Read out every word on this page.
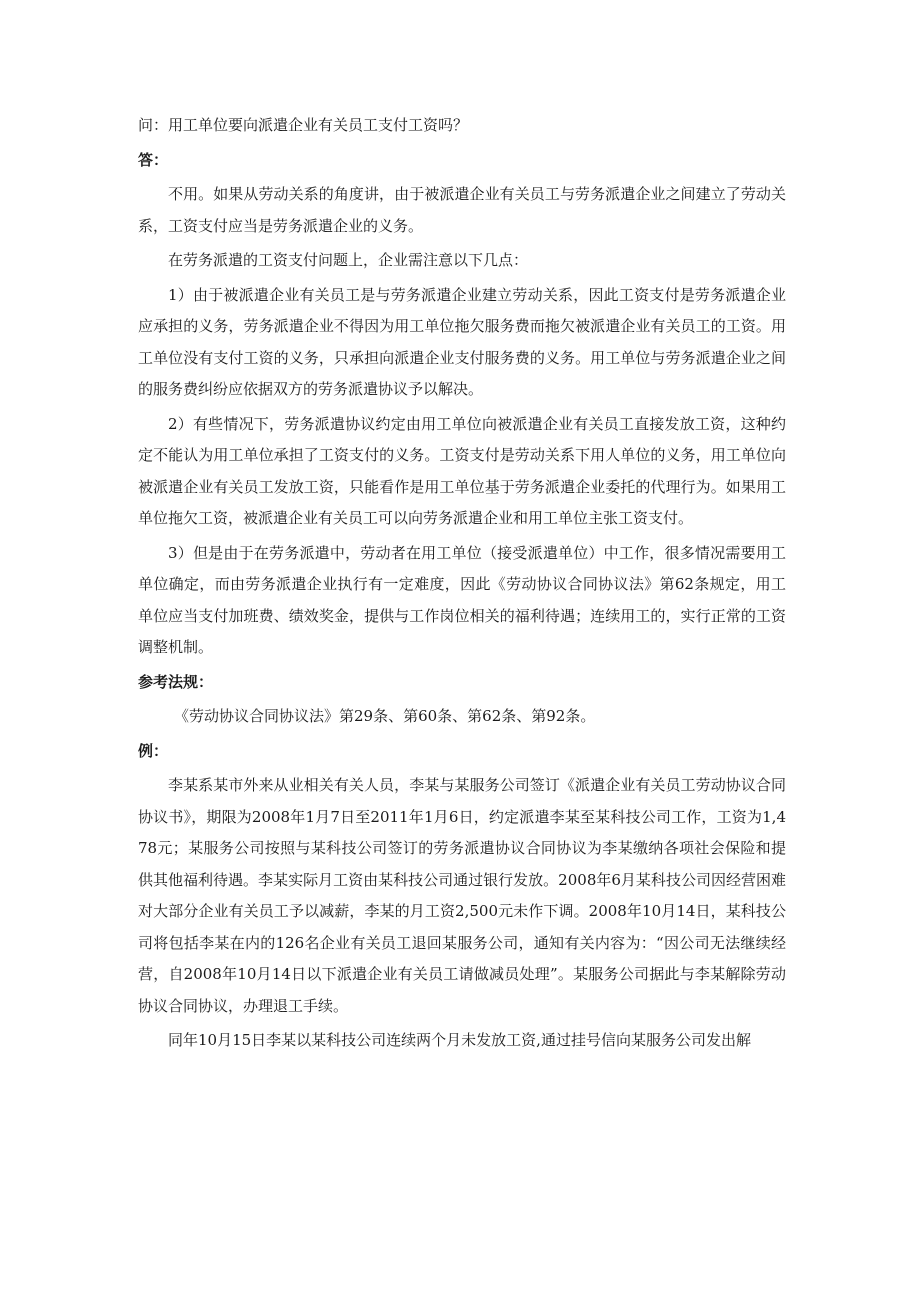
问：用工单位要向派遣企业有关员工支付工资吗？

答：

不用。如果从劳动关系的角度讲，由于被派遣企业有关员工与劳务派遣企业之间建立了劳动关系，工资支付应当是劳务派遣企业的义务。

在劳务派遣的工资支付问题上，企业需注意以下几点：

1）由于被派遣企业有关员工是与劳务派遣企业建立劳动关系，因此工资支付是劳务派遣企业应承担的义务，劳务派遣企业不得因为用工单位拖欠服务费而拖欠被派遣企业有关员工的工资。用工单位没有支付工资的义务，只承担向派遣企业支付服务费的义务。用工单位与劳务派遣企业之间的服务费纠纷应依据双方的劳务派遣协议予以解决。

2）有些情况下，劳务派遣协议约定由用工单位向被派遣企业有关员工直接发放工资，这种约定不能认为用工单位承担了工资支付的义务。工资支付是劳动关系下用人单位的义务，用工单位向被派遣企业有关员工发放工资，只能看作是用工单位基于劳务派遣企业委托的代理行为。如果用工单位拖欠工资，被派遣企业有关员工可以向劳务派遣企业和用工单位主张工资支付。

3）但是由于在劳务派遣中，劳动者在用工单位（接受派遣单位）中工作，很多情况需要用工单位确定，而由劳务派遣企业执行有一定难度，因此《劳动协议合同协议法》第62条规定，用工单位应当支付加班费、绩效奖金，提供与工作岗位相关的福利待遇；连续用工的，实行正常的工资调整机制。

参考法规：

《劳动协议合同协议法》第29条、第60条、第62条、第92条。

例：

李某系某市外来从业相关有关人员，李某与某服务公司签订《派遣企业有关员工劳动协议合同协议书》，期限为2008年1月7日至2011年1月6日，约定派遣李某至某科技公司工作，工资为1,478元；某服务公司按照与某科技公司签订的劳务派遣协议合同协议为李某缴纳各项社会保险和提供其他福利待遇。李某实际月工资由某科技公司通过银行发放。2008年6月某科技公司因经营困难对大部分企业有关员工予以减薪，李某的月工资2,500元未作下调。2008年10月14日，某科技公司将包括李某在内的126名企业有关员工退回某服务公司，通知有关内容为：“因公司无法继续经营，自2008年10月14日以下派遣企业有关员工请做减员处理”。某服务公司据此与李某解除劳动协议合同协议，办理退工手续。

同年10月15日李某以某科技公司连续两个月未发放工资,通过挂号信向某服务公司发出解
